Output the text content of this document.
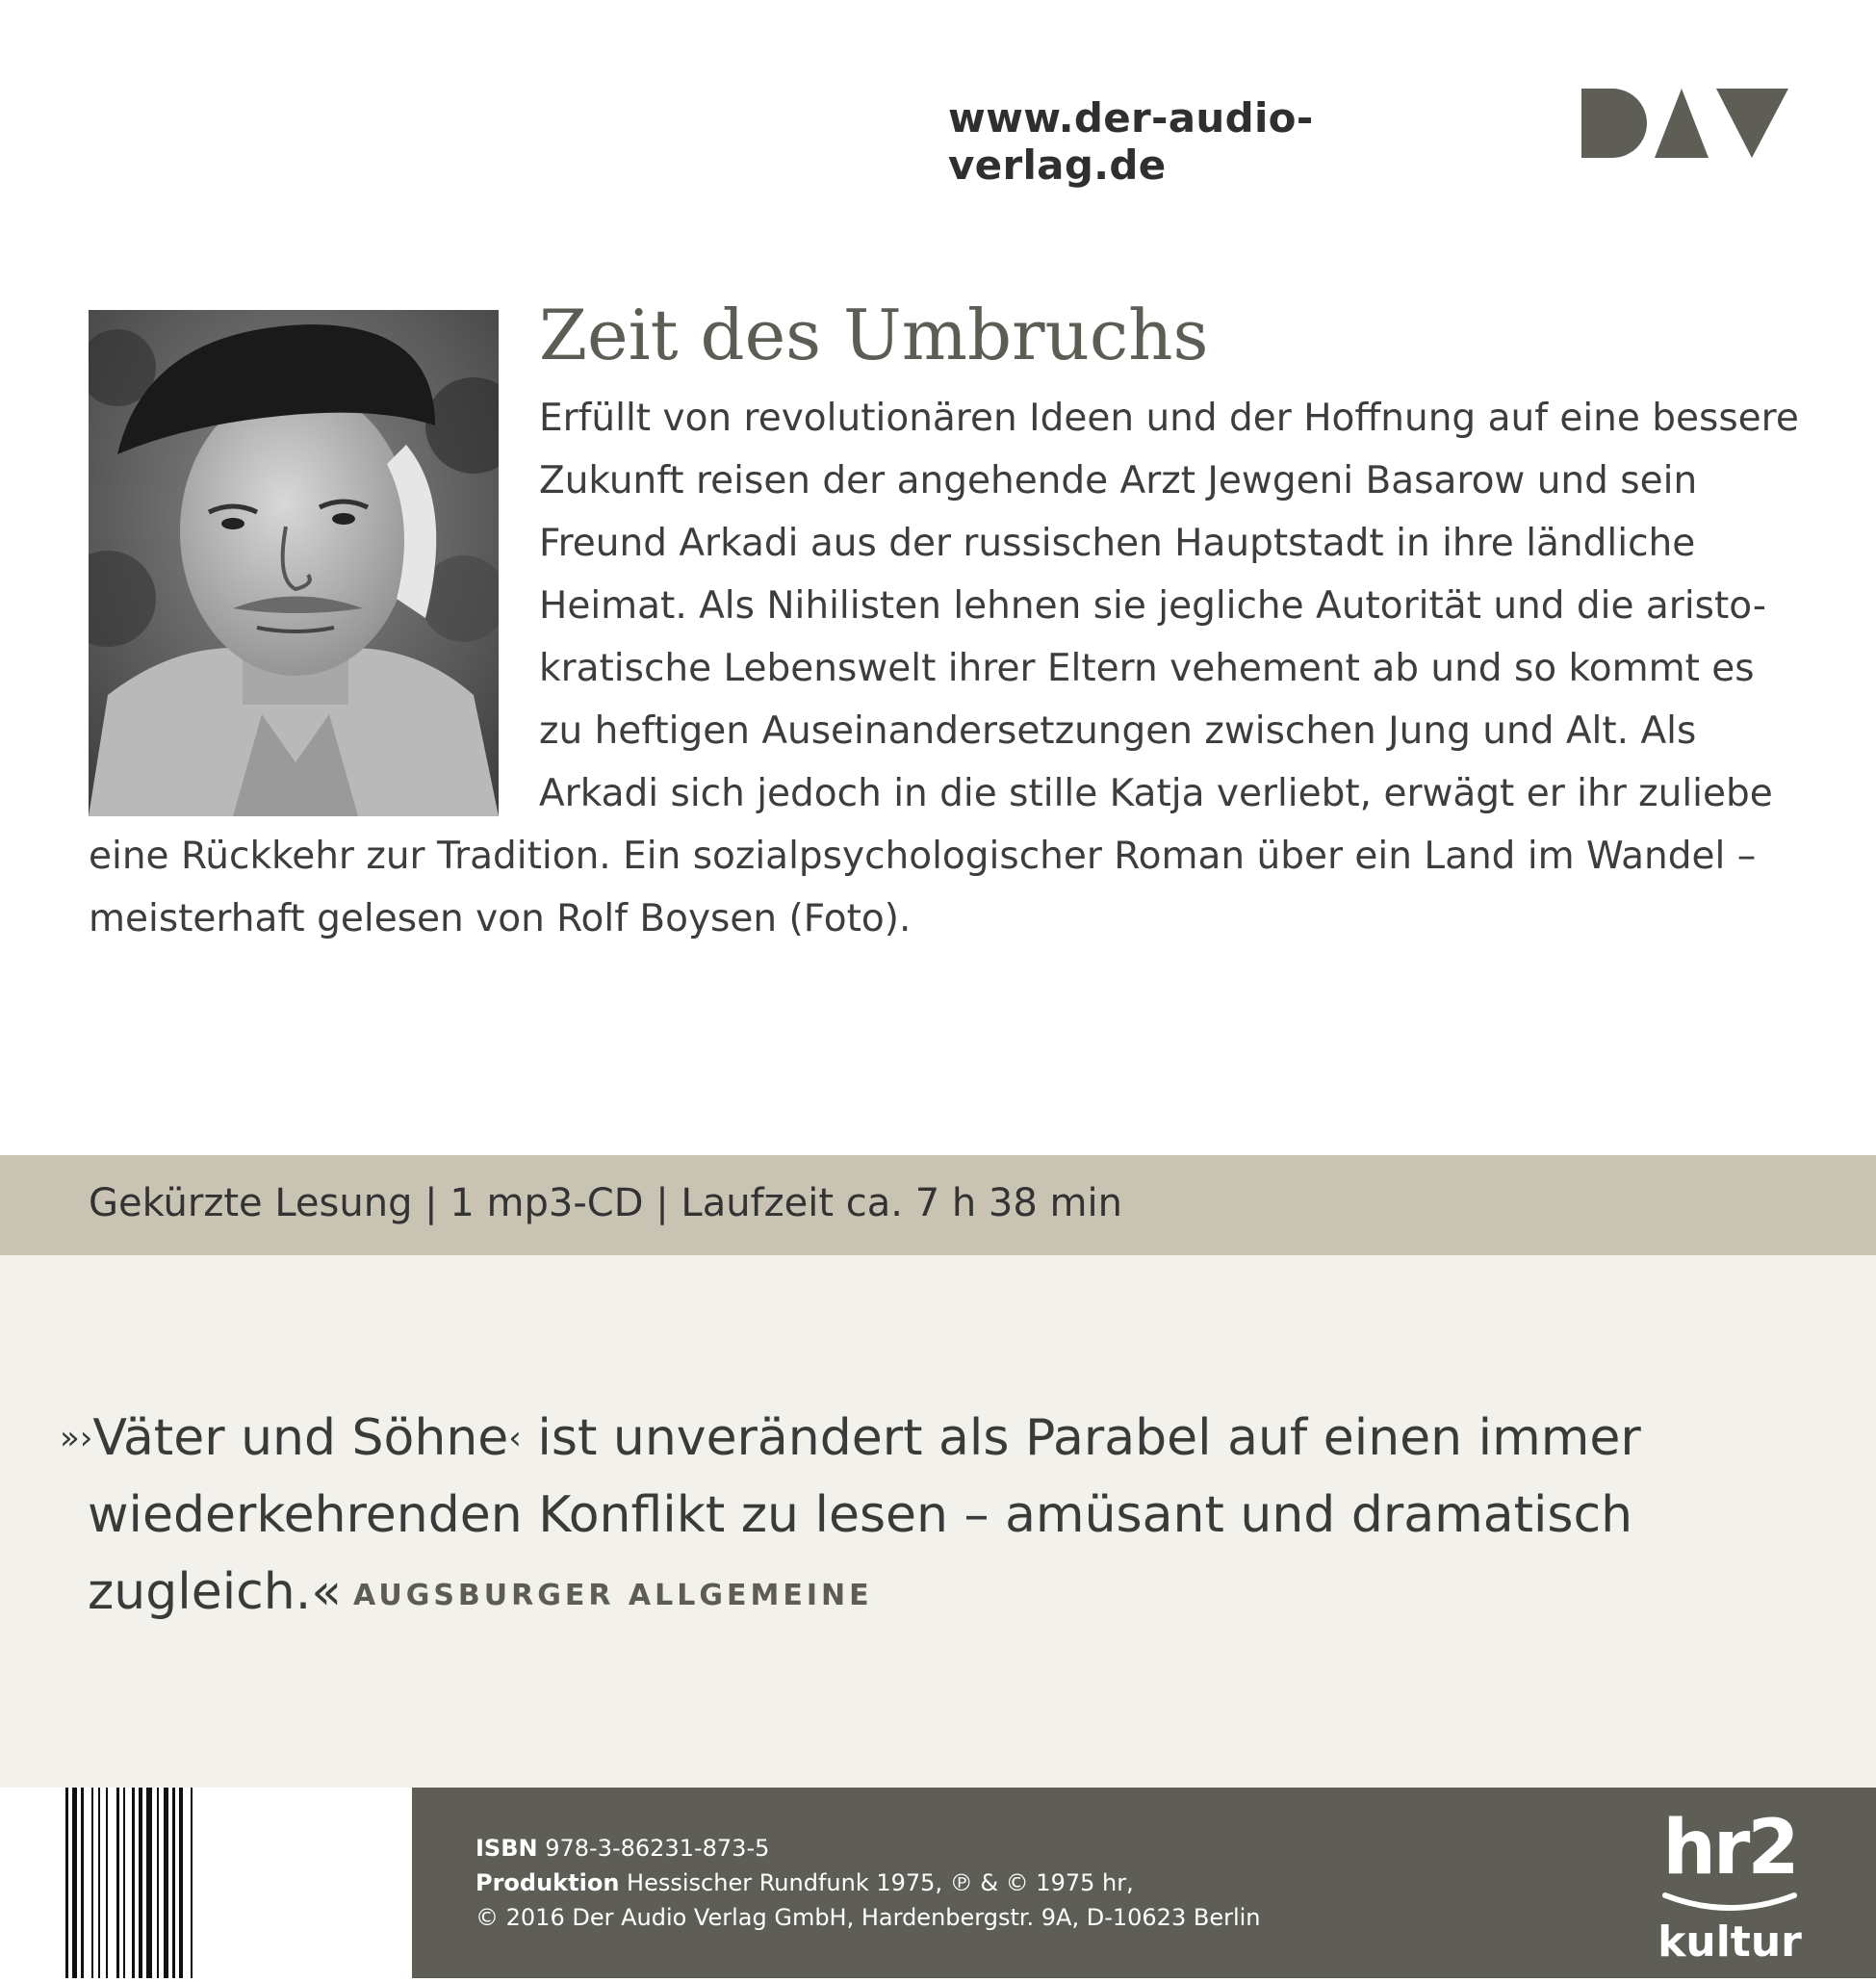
www.der-audio-verlag.de
Zeit des Umbruchs
Erfüllt von revolutionären Ideen und der Hoffnung auf eine bessere
Zukunft reisen der angehende Arzt Jewgeni Basarow und sein
Freund Arkadi aus der russischen Hauptstadt in ihre ländliche
Heimat. Als Nihilisten lehnen sie jegliche Autorität und die aristo-
kratische Lebenswelt ihrer Eltern vehement ab und so kommt es
zu heftigen Auseinandersetzungen zwischen Jung und Alt. Als
Arkadi sich jedoch in die stille Katja verliebt, erwägt er ihr zuliebe
eine Rückkehr zur Tradition. Ein sozialpsychologischer Roman über ein Land im Wandel –
meisterhaft gelesen von Rolf Boysen (Foto).
Gekürzte Lesung | 1 mp3-CD | Laufzeit ca. 7 h 38 min
»›Väter und Söhne‹ ist unverändert als Parabel auf einen immer
wiederkehrenden Konflikt zu lesen – amüsant und dramatisch
zugleich.« AUGSBURGER ALLGEMEINE
ISBN 978-3-86231-873-5
Produktion Hessischer Rundfunk 1975, ℗ & © 1975 hr,
© 2016 Der Audio Verlag GmbH, Hardenbergstr. 9A, D-10623 Berlin
hr2
kultur
